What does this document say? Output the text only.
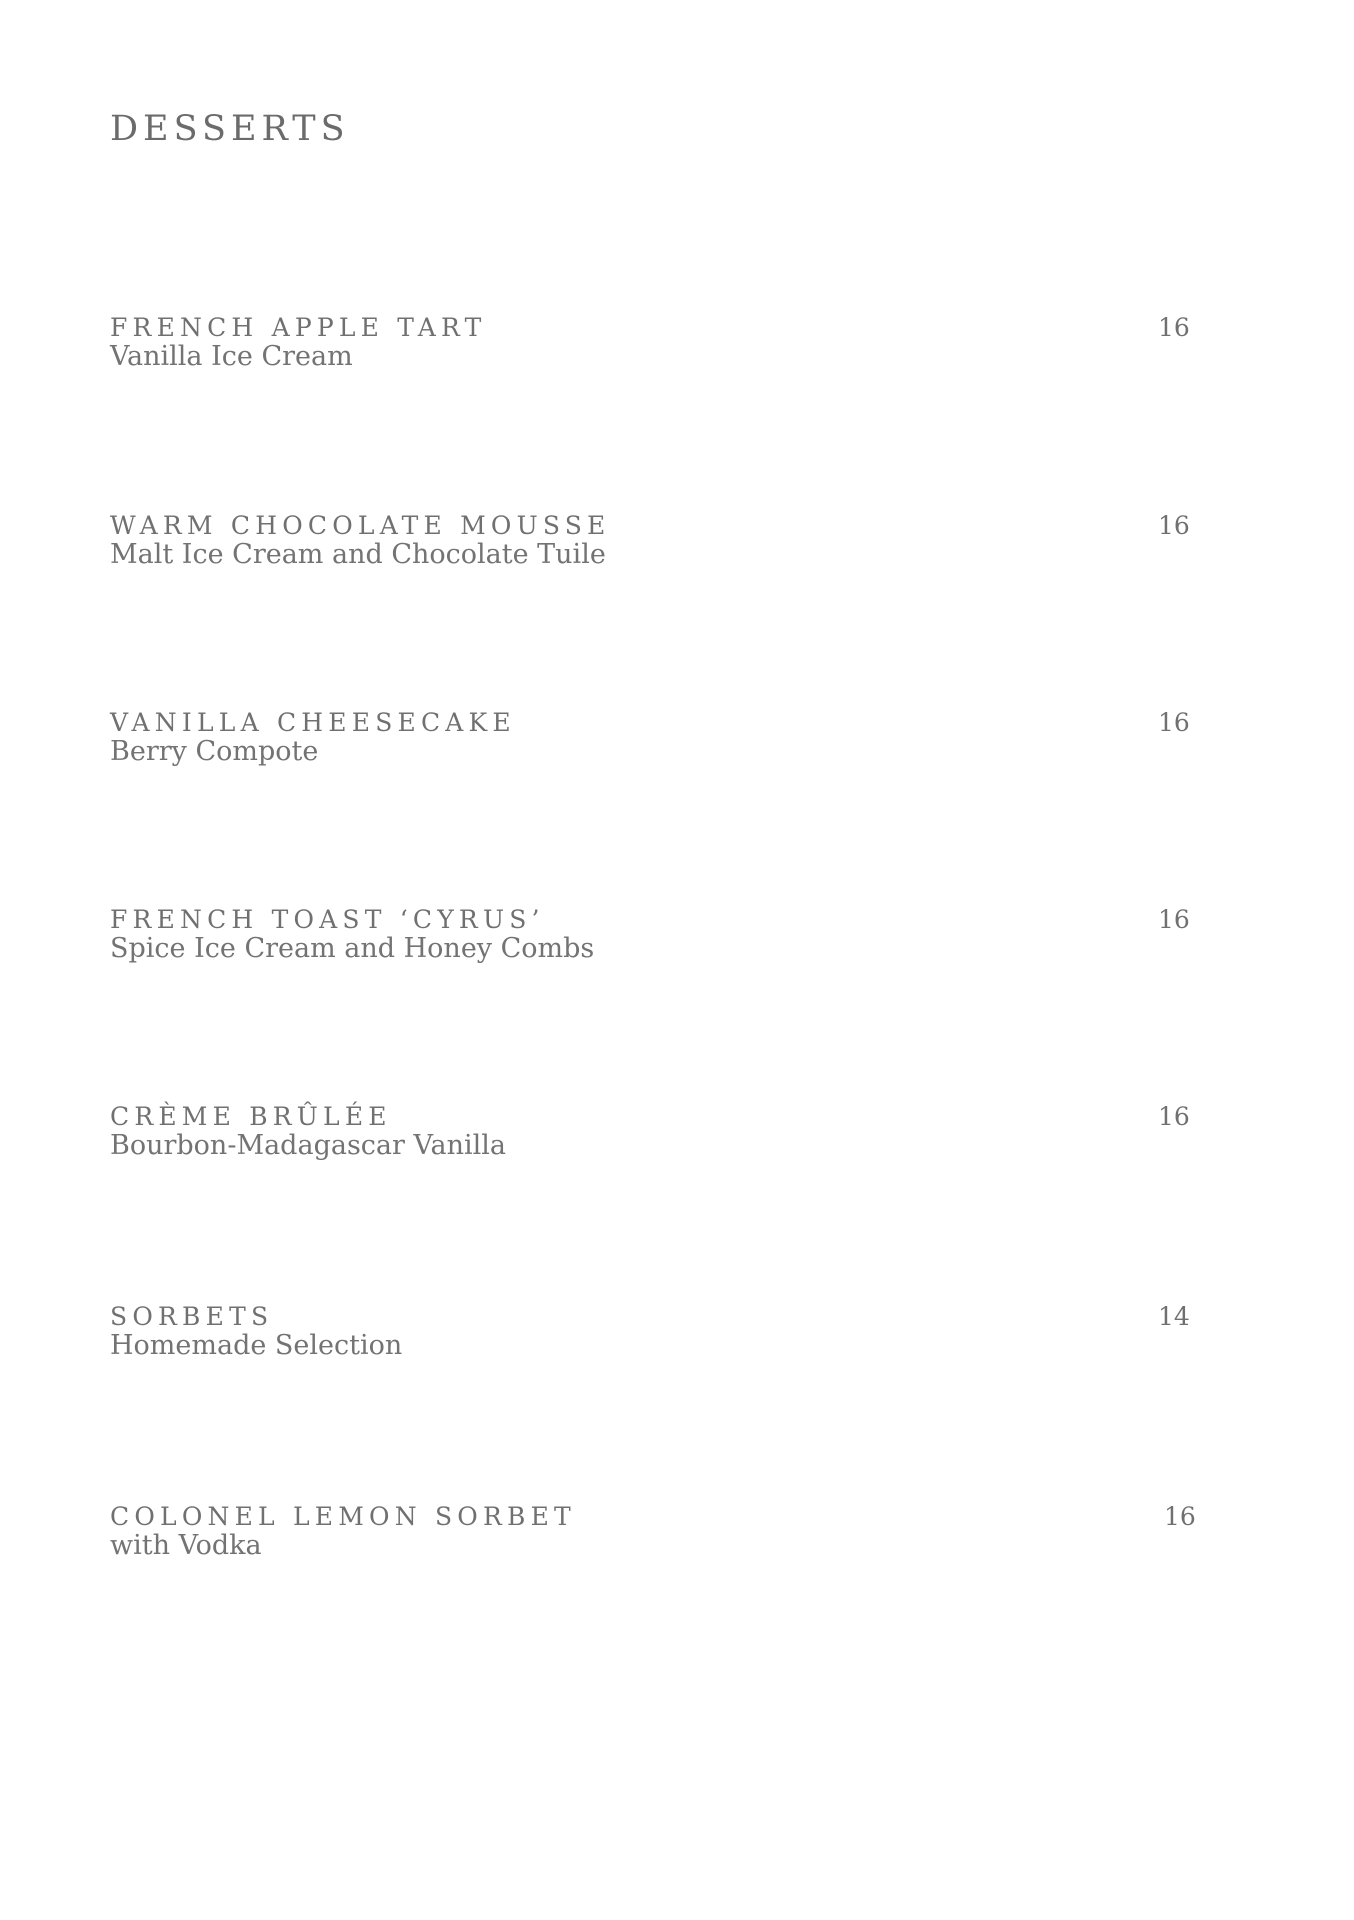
DESSERTS
FRENCH APPLE TART
Vanilla Ice Cream
16
WARM CHOCOLATE MOUSSE
Malt Ice Cream and Chocolate Tuile
16
VANILLA CHEESECAKE
Berry Compote
16
FRENCH TOAST ‘CYRUS’
Spice Ice Cream and Honey Combs
16
CRÈME BRÛLÉE
Bourbon-Madagascar Vanilla
16
SORBETS
Homemade Selection
14
COLONEL LEMON SORBET
with Vodka
16
